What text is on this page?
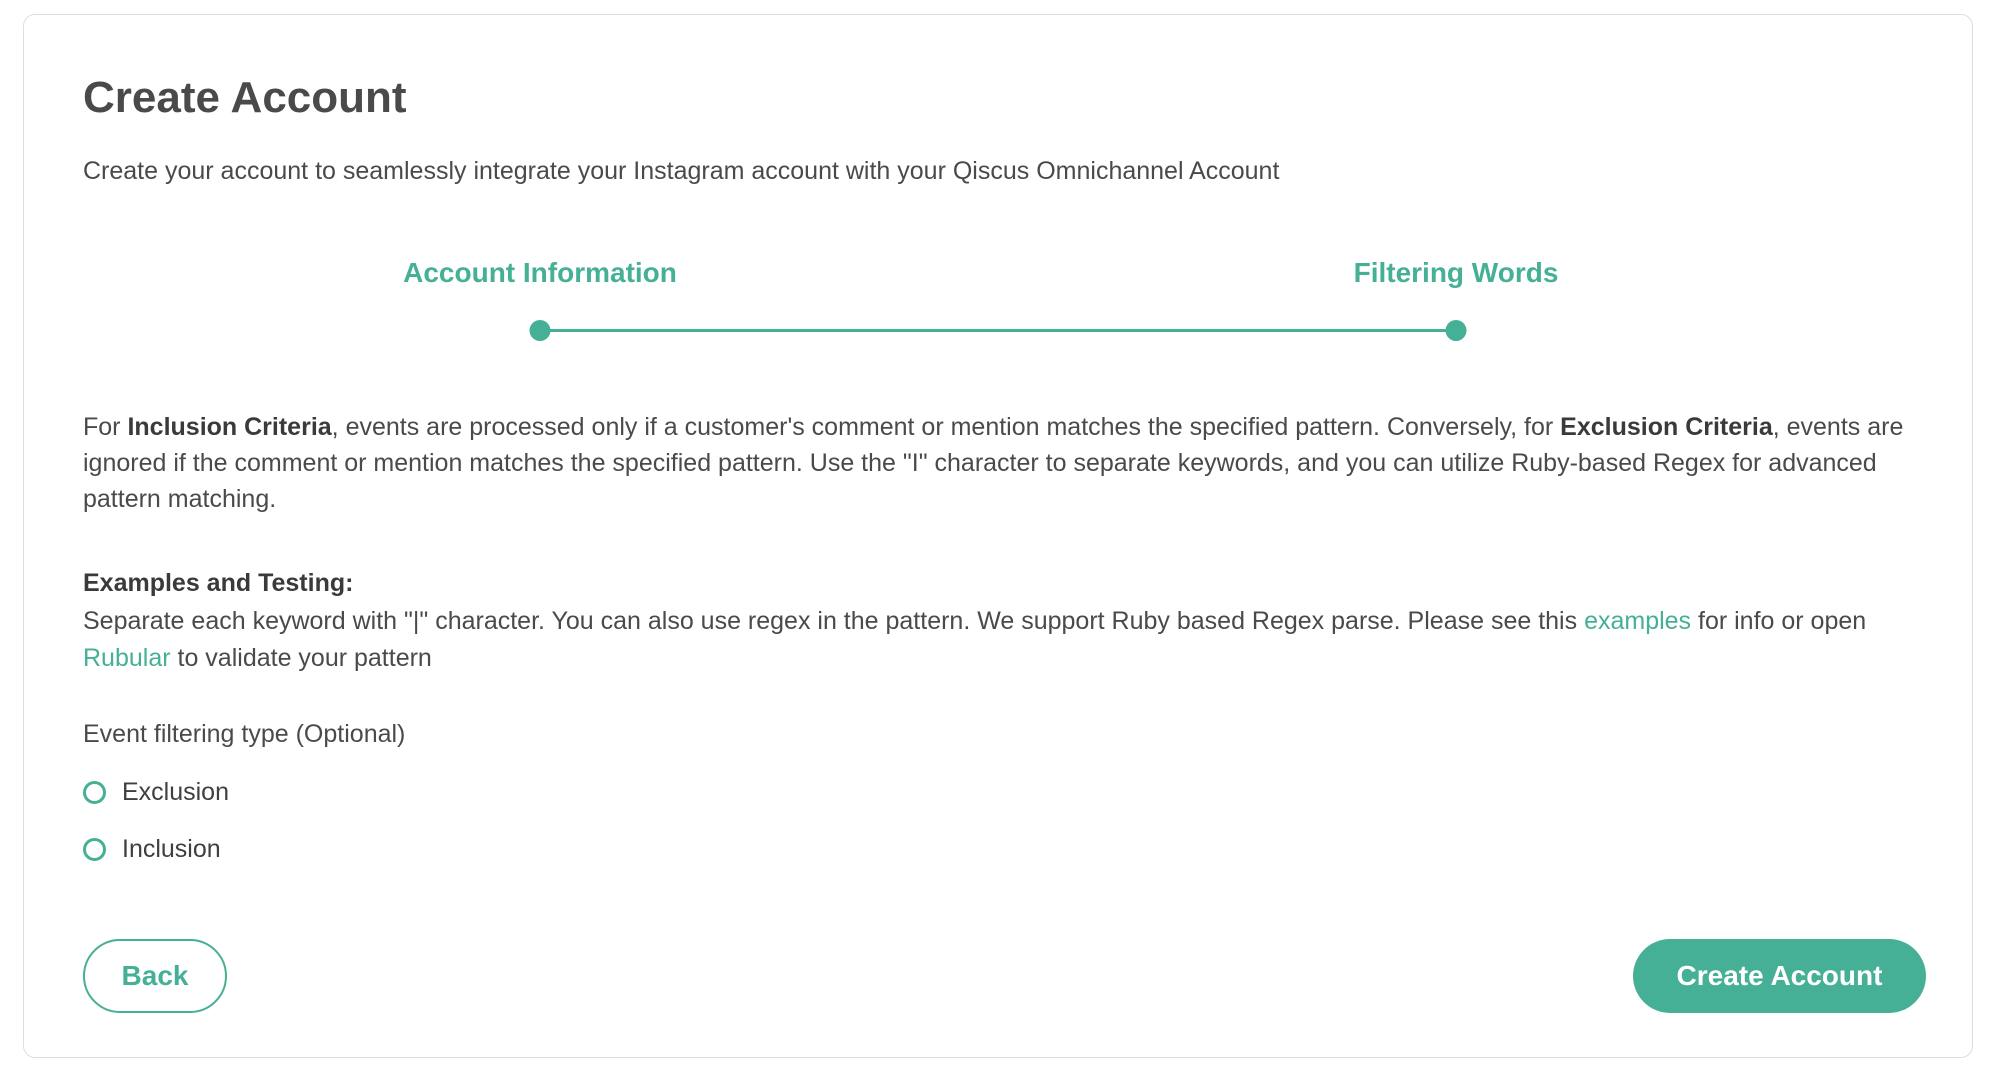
Create Account
Create your account to seamlessly integrate your Instagram account with your Qiscus Omnichannel Account
Account Information	Filtering Words
For Inclusion Criteria, events are processed only if a customer's comment or mention matches the specified pattern. Conversely, for Exclusion Criteria, events are ignored if the comment or mention matches the specified pattern. Use the "I" character to separate keywords, and you can utilize Ruby-based Regex for advanced pattern matching.
Examples and Testing:
Separate each keyword with "|" character. You can also use regex in the pattern. We support Ruby based Regex parse. Please see this examples for info or open Rubular to validate your pattern
Event filtering type (Optional)
Exclusion
Inclusion
Back	Create Account
